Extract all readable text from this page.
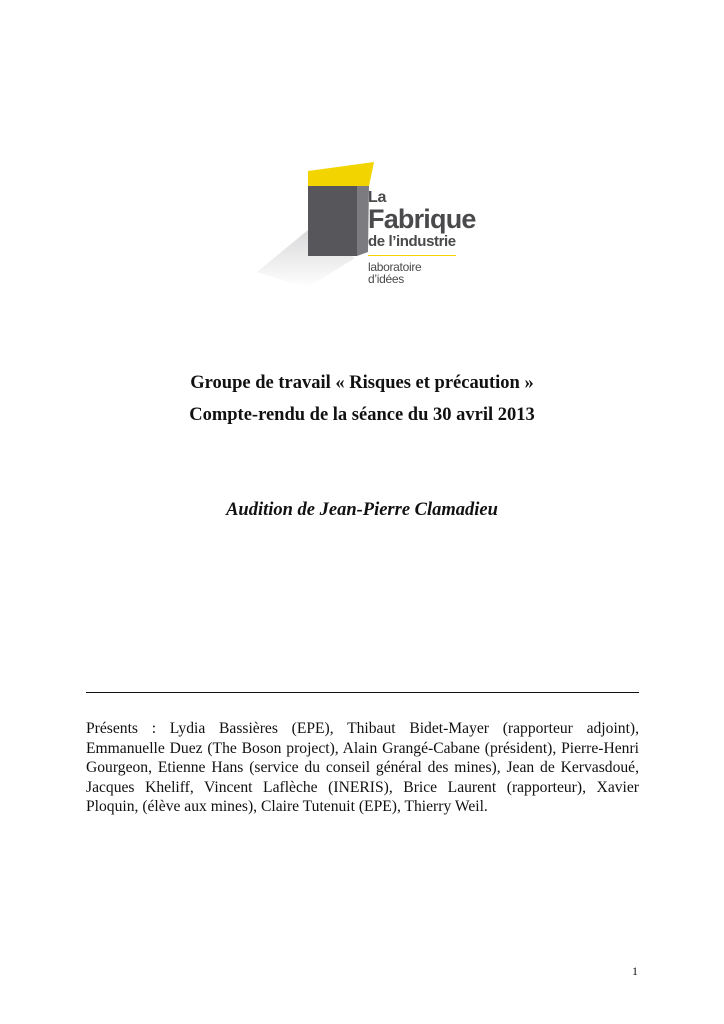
La
Fabrique
de l’industrie
laboratoire d’idées
Groupe de travail « Risques et précaution »
Compte-rendu de la séance du 30 avril 2013
Audition de Jean-Pierre Clamadieu
Présents : Lydia Bassières (EPE), Thibaut Bidet-Mayer (rapporteur adjoint), Emmanuelle Duez (The Boson project), Alain Grangé-Cabane (président), Pierre-Henri Gourgeon, Etienne Hans (service du conseil général des mines), Jean de Kervasdoué, Jacques Kheliff, Vincent Laflèche (INERIS), Brice Laurent (rapporteur), Xavier Ploquin, (élève aux mines), Claire Tutenuit (EPE), Thierry Weil.
1
